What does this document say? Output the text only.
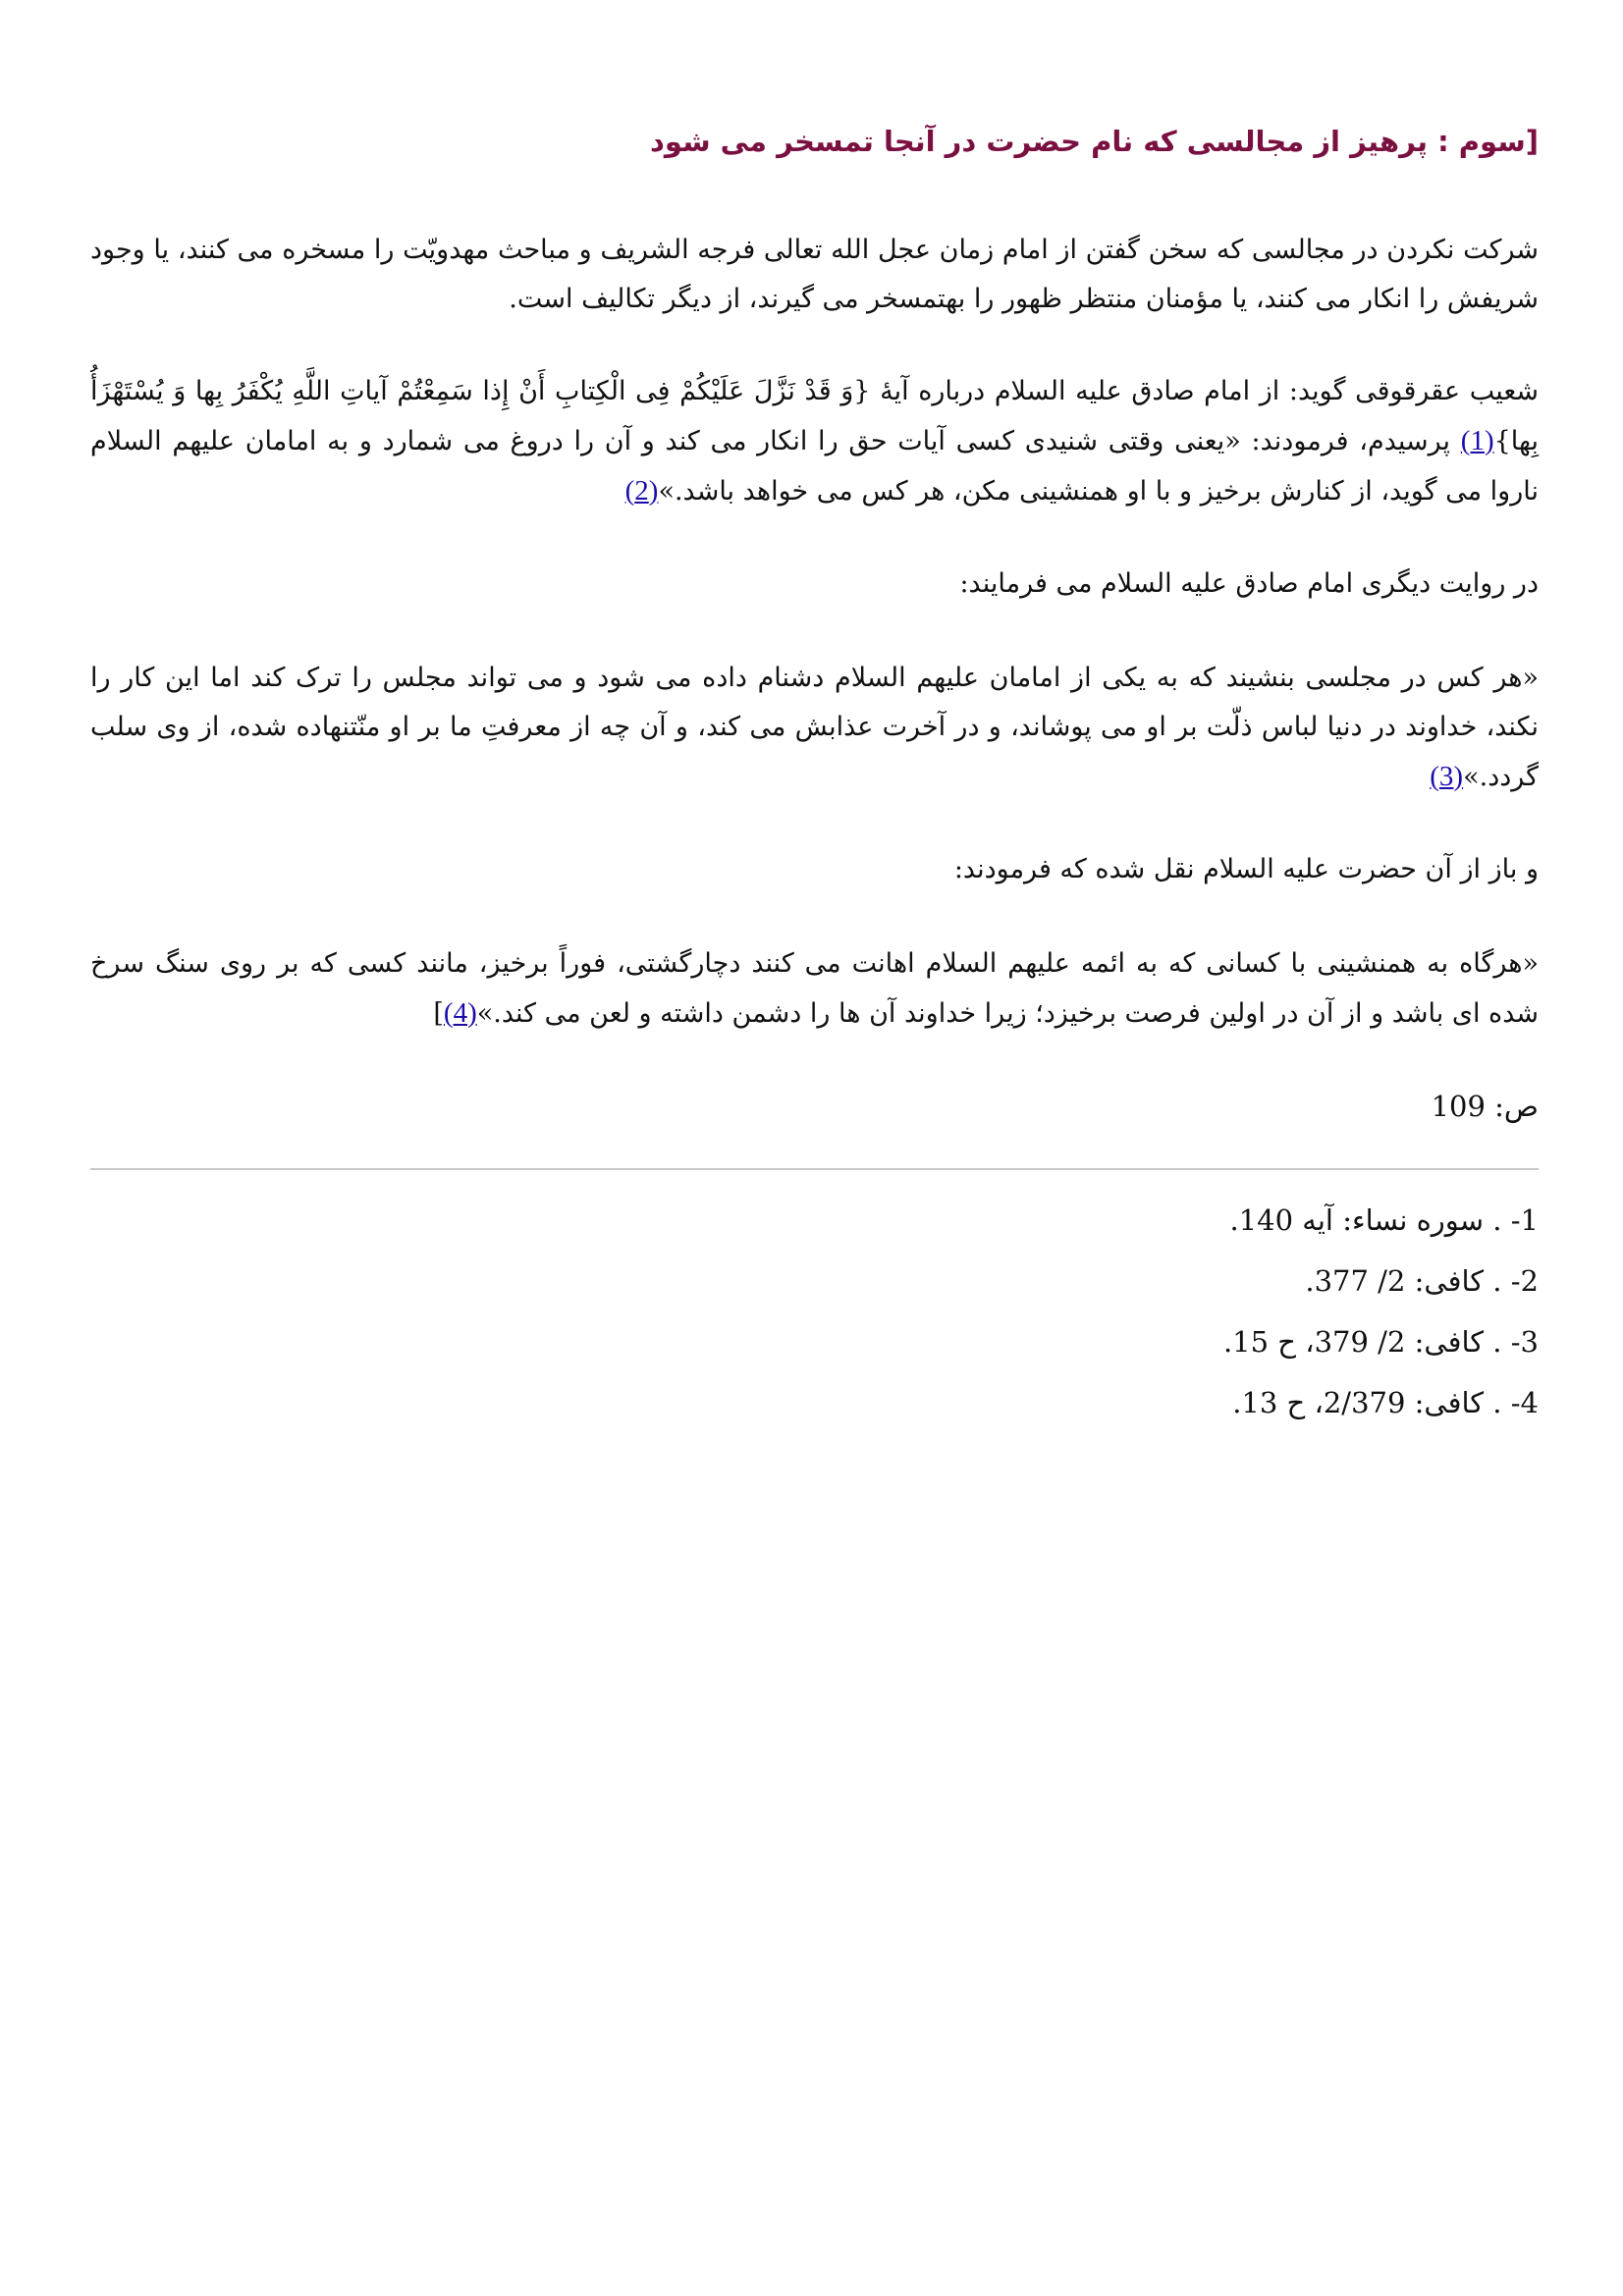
[سوم : پرهیز از مجالسی که نام حضرت در آنجا تمسخر می شود

شرکت نکردن در مجالسی که سخن گفتن از امام زمان عجل الله تعالی فرجه الشریف و مباحث مهدویّت را مسخره می کنند، یا وجود شریفش را انکار می کنند، یا مؤمنان منتظر ظهور را بهتمسخر می گیرند، از دیگر تکالیف است.

شعیب عقرقوقی گوید: از امام صادق علیه السلام درباره آیهٔ {وَ قَدْ نَزَّلَ عَلَیْکُمْ فِی الْکِتابِ أَنْ إِذا سَمِعْتُمْ آیاتِ اللَّهِ یُکْفَرُ بِها وَ یُسْتَهْزَأُ بِها}(1) پرسیدم، فرمودند: «یعنی وقتی شنیدی کسی آیات حق را انکار می کند و آن را دروغ می شمارد و به امامان علیهم السلام ناروا می گوید، از کنارش برخیز و با او همنشینی مکن، هر کس می خواهد باشد.»(2)

در روایت دیگری امام صادق علیه السلام می فرمایند:

«هر کس در مجلسی بنشیند که به یکی از امامان علیهم السلام دشنام داده می شود و می تواند مجلس را ترک کند اما این کار را نکند، خداوند در دنیا لباس ذلّت بر او می پوشاند، و در آخرت عذابش می کند، و آن چه از معرفتِ ما بر او منّتنهاده شده، از وی سلب گردد.»(3)

و باز از آن حضرت علیه السلام نقل شده که فرمودند:

«هرگاه به همنشینی با کسانی که به ائمه علیهم السلام اهانت می کنند دچارگشتی، فوراً برخیز، مانند کسی که بر روی سنگ سرخ شده ای باشد و از آن در اولین فرصت برخیزد؛ زیرا خداوند آن ها را دشمن داشته و لعن می کند.»(4)]

ص: 109
1- . سوره نساء: آیه 140.
2- . کافی: 2/ 377.
3- . کافی: 2/ 379، ح 15.
4- . کافی: 2/379، ح 13.
